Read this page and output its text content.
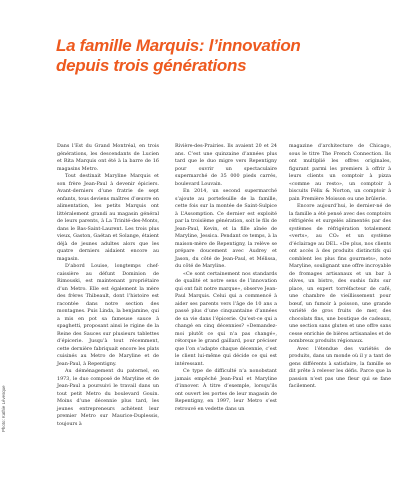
La famille Marquis: l’innovation
depuis trois générations
Photo: Kathie Lévesque

Dans l’Est du Grand Montréal, en trois générations, les descendants de Lucien et Rita Marquis ont été à la barre de 16 magasins Metro.

Tout destinait Maryline Marquis et son frère Jean-Paul à devenir épiciers. Avant-derniers d’une fratrie de sept enfants, tous deviens maîtres d’œuvre en alimentation, les petits Marquis ont littéralement grandi au magasin général de leurs parents, à La Trinité-des-Monts, dans le Bas-Saint-Laurent. Les trois plus vieux, Gaston, Gaétan et Solange, étaient déjà de jeunes adultes alors que les quatre derniers aidaient encore au magasin.

D’abord Louise, longtemps chef-caissière au défunt Dominion de Rimouski, est maintenant propriétaire d’un Metro. Elle est également la mère des frères Thibeault, dont l’histoire est racontée dans notre section des montagnes. Puis Linda, la benjamine, qui a mis en pot sa fameuse sauce à spaghetti, proposant ainsi le rigine de la Reine des Sauces sur plusieurs tablettes d’épicerie. Jusqu’à tout récemment, cette dernière fabriquait encore les plats cuisinés au Metro de Maryline et de Jean-Paul, à Repentigny.

Au déménagement du paternel, en 1973, le duo composé de Maryline et de Jean-Paul a poursuivi le travail dans un tout petit Metro du boulevard Gouin. Moins d’une décennie plus tard, les jeunes entrepreneurs achètent leur premier Metro sur Maurice-Duplessis, toujours à

Rivière-des-Prairies. Ils avaient 20 et 24 ans. C’est une quinzaine d’années plus tard que le duo migre vers Repentigny pour ouvrir un spectaculaire supermarché de 35 000 pieds carrés, boulevard Louvain.

En 2014, un second supermarché s’ajoute au portefeuille de la famille, cette fois sur la montée de Saint-Sulpice à L’Assomption. Ce dernier est exploité par la troisième génération, soit le fils de Jean-Paul, Kevin, et la fille aînée de Maryline, Jessica. Pendant ce temps, à la maison-mère de Repentigny, la relève se prépare doucement avec Audrey et Jason, du côté de Jean-Paul, et Mélissa, du côté de Maryline.

«Ce sont certainement nos standards de qualité et notre sens de l’innovation qui ont fait notre marque», observe Jean-Paul Marquis. Celui qui a commencé à aider ses parents vers l’âge de 10 ans a passé plus d’une cinquantaine d’années de sa vie dans l’épicerie. Qu’est-ce qui a changé en cinq décennies? «Demandez-moi plutôt ce qui n’a pas changé», rétorque le grand gaillard, pour préciser que l’on s’adapte chaque décennie, c’est le client lui-même qui décide ce qui est intéressant.

Ce type de difficulté n’a nonobstant jamais empêché Jean-Paul et Maryline d’innover. À titre d’exemple, lorsqu’ils ont ouvert les portes de leur magasin de Repentigny, en 1997, leur Metro s’est retrouvé en vedette dans un

magazine d’architecture de Chicago, sous le titre The French Connection. Ils ont multiplié les offres originales, figurant parmi les premiers à offrir à leurs clients un comptoir à pizza «comme au resto», un comptoir à biscuits Félix & Norton, un comptoir à pain Première Moisson ou une brûlerie.

Encore aujourd’hui, le dernier-né de la famille a été pensé avec des comptoirs réfrigérés et surgelés alimentés par des systèmes de réfrigération totalement «verts», au CO₂ et un système d’éclairage au DEL. «De plus, nos clients ont accès à des produits distinctifs qui comblent les plus fins gourmets», note Maryline, soulignant une offre incroyable de fromages artisanaux et un bar à olives, un bistro, des sushis faits sur place, un expert torréfacteur de café, une chambre de vieillissement pour bœuf, un fumoir à poisson, une grande variété de gros fruits de mer, des chocolats fins, une boutique de cadeaux, une section sans gluten et une offre sans cesse enrichie de bières artisanales et de nombreux produits régionaux.

Avec l’étendue des variétés de produits, dans un monde où il y a tant de gens différents à satisfaire, la famille se dit prête à relever les défis. Parce que la passion n’est pas une fleur qui se fane facilement.
